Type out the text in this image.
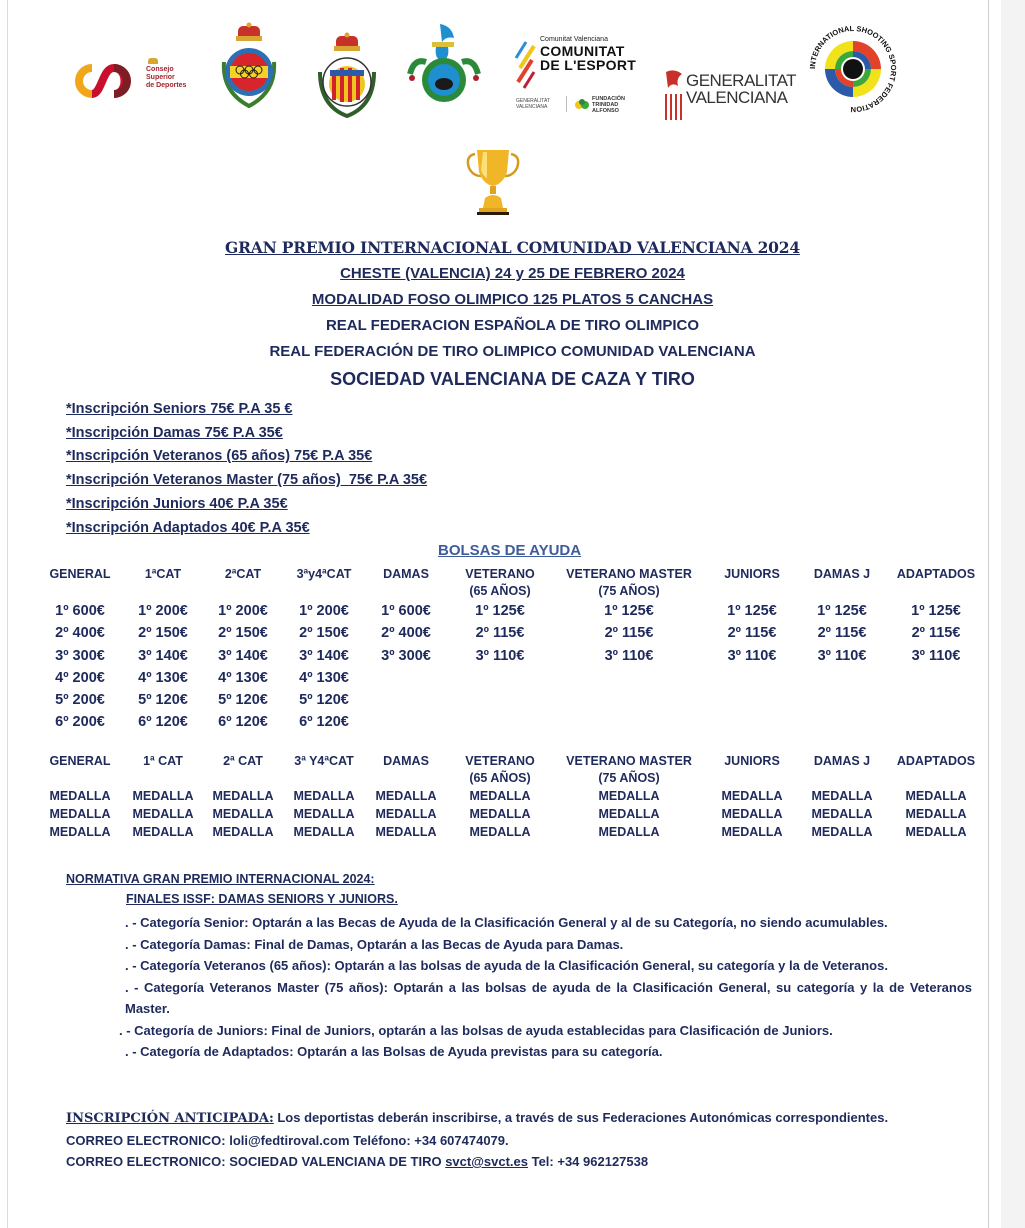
Consejo
Superior
de Deportes
Comunitat Valenciana
COMUNITAT
DE L'ESPORT
GENERALITAT
VALENCIANA
FUNDACIÓN
TRINIDAD
ALFONSO
GENERALITAT
VALENCIANA
INTERNATIONAL SHOOTING SPORT FEDERATION
GRAN PREMIO INTERNACIONAL COMUNIDAD VALENCIANA 2024
CHESTE (VALENCIA) 24 y 25 DE FEBRERO 2024
MODALIDAD FOSO OLIMPICO 125 PLATOS 5 CANCHAS
REAL FEDERACION ESPAÑOLA DE TIRO OLIMPICO
REAL FEDERACIÓN DE TIRO OLIMPICO COMUNIDAD VALENCIANA
SOCIEDAD VALENCIANA DE CAZA Y TIRO
*Inscripción Seniors 75€ P.A 35 €
*Inscripción Damas 75€ P.A 35€
*Inscripción Veteranos (65 años) 75€ P.A 35€
*Inscripción Veteranos Master (75 años)  75€ P.A 35€
*Inscripción Juniors 40€ P.A 35€
*Inscripción Adaptados 40€ P.A 35€
BOLSAS DE AYUDA
GENERAL

1º 600€
2º 400€
3º 300€
4º 200€
5º 200€
6º 200€
1ªCAT

1º 200€
2º 150€
3º 140€
4º 130€
5º 120€
6º 120€
2ªCAT

1º 200€
2º 150€
3º 140€
4º 130€
5º 120€
6º 120€
3ªy4ªCAT

1º 200€
2º 150€
3º 140€
4º 130€
5º 120€
6º 120€
DAMAS

1º 600€
2º 400€
3º 300€
VETERANO
(65 AÑOS)
1º 125€
2º 115€
3º 110€
VETERANO MASTER
(75 AÑOS)
1º 125€
2º 115€
3º 110€
JUNIORS

1º 125€
2º 115€
3º 110€
DAMAS J

1º 125€
2º 115€
3º 110€
ADAPTADOS

1º 125€
2º 115€
3º 110€
GENERAL

MEDALLA
MEDALLA
MEDALLA
1ª CAT

MEDALLA
MEDALLA
MEDALLA
2ª CAT

MEDALLA
MEDALLA
MEDALLA
3ª Y4ªCAT

MEDALLA
MEDALLA
MEDALLA
DAMAS

MEDALLA
MEDALLA
MEDALLA
VETERANO
(65 AÑOS)
MEDALLA
MEDALLA
MEDALLA
VETERANO MASTER
(75 AÑOS)
MEDALLA
MEDALLA
MEDALLA
JUNIORS

MEDALLA
MEDALLA
MEDALLA
DAMAS J

MEDALLA
MEDALLA
MEDALLA
ADAPTADOS

MEDALLA
MEDALLA
MEDALLA
NORMATIVA GRAN PREMIO INTERNACIONAL 2024:
FINALES ISSF: DAMAS SENIORS Y JUNIORS.
. - Categoría Senior: Optarán a las Becas de Ayuda de la Clasificación General y al de su Categoría, no siendo acumulables.
. - Categoría Damas: Final de Damas, Optarán a las Becas de Ayuda para Damas.
. - Categoría Veteranos (65 años): Optarán a las bolsas de ayuda de la Clasificación General, su categoría y la de Veteranos.
. - Categoría Veteranos Master (75 años): Optarán a las bolsas de ayuda de la Clasificación General, su categoría y la de Veteranos Master.
. - Categoría de Juniors: Final de Juniors, optarán a las bolsas de ayuda establecidas para Clasificación de Juniors.
. - Categoría de Adaptados: Optarán a las Bolsas de Ayuda previstas para su categoría.
INSCRIPCIÓN ANTICIPADA: Los deportistas deberán inscribirse, a través de sus Federaciones Autonómicas correspondientes.
CORREO ELECTRONICO: loli@fedtiroval.com Teléfono: +34 607474079.
CORREO ELECTRONICO: SOCIEDAD VALENCIANA DE TIRO svct@svct.es Tel: +34 962127538
